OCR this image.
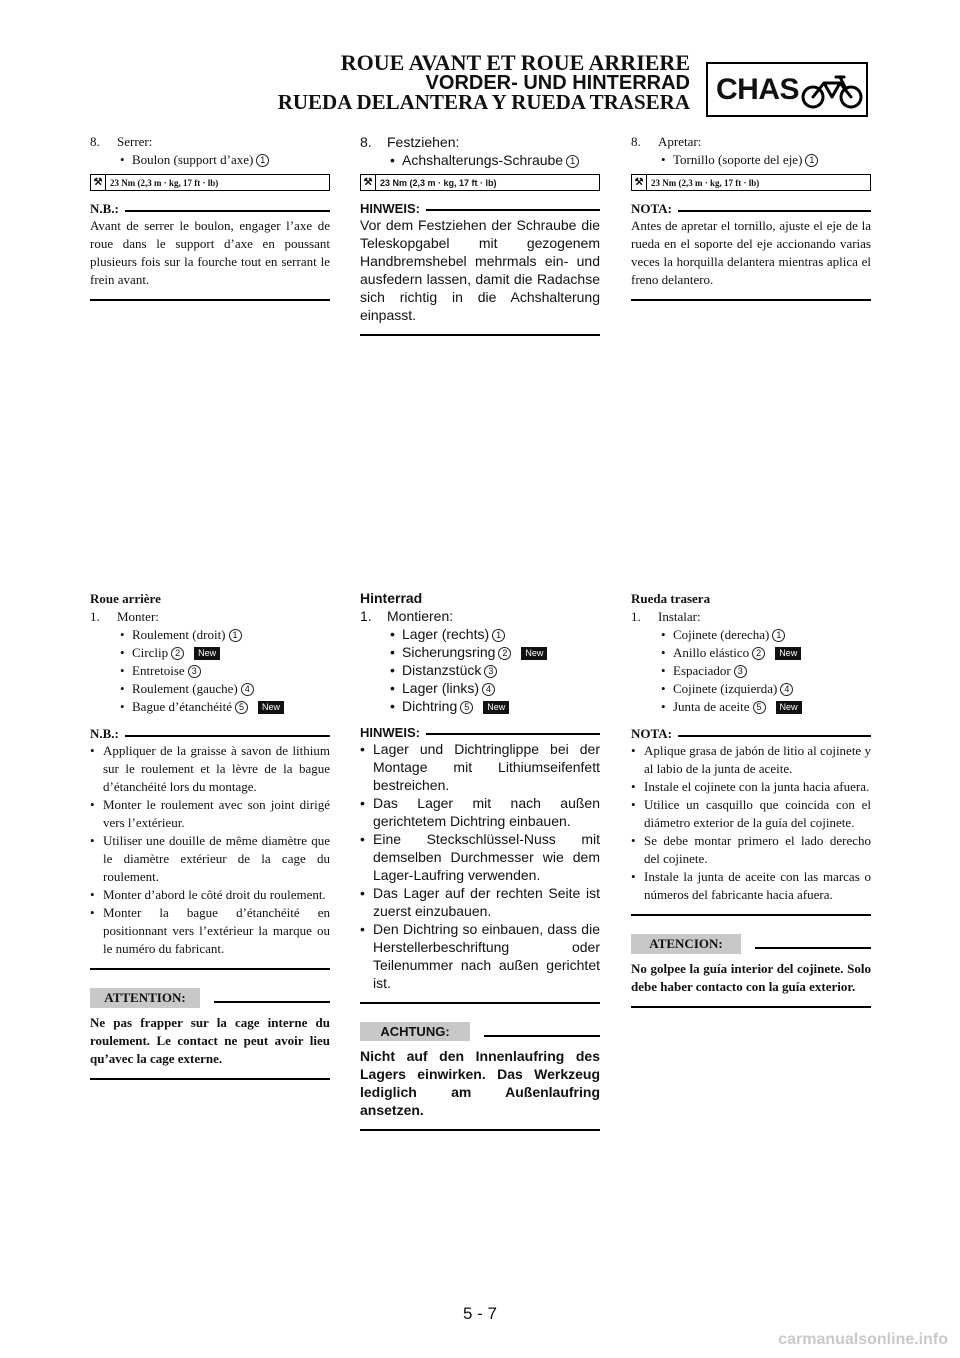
ROUE AVANT ET ROUE ARRIERE
VORDER- UND HINTERRAD
RUEDA DELANTERA Y RUEDA TRASERA CHAS
8. Serrer:
• Boulon (support d’axe) 1
⚒ 23 Nm (2,3 m · kg, 17 ft · lb)
N.B.:
Avant de serrer le boulon, engager l’axe de roue dans le support d’axe en poussant plusieurs fois sur la fourche tout en serrant le frein avant.
Roue arrière
1. Monter:
• Roulement (droit) 1
• Circlip 2 New
• Entretoise 3
• Roulement (gauche) 4
• Bague d’étanchéité 5 New
N.B.:
• Appliquer de la graisse à savon de lithium sur le roulement et la lèvre de la bague d’étanchéité lors du montage.
• Monter le roulement avec son joint dirigé vers l’extérieur.
• Utiliser une douille de même diamètre que le diamètre extérieur de la cage du roulement.
• Monter d’abord le côté droit du roulement.
• Monter la bague d’étanchéité en positionnant vers l’extérieur la marque ou le numéro du fabricant.
ATTENTION:
Ne pas frapper sur la cage interne du roulement. Le contact ne peut avoir lieu qu’avec la cage externe.
8. Festziehen:
• Achshalterungs-Schraube 1
⚒ 23 Nm (2,3 m · kg, 17 ft · lb)
HINWEIS:
Vor dem Festziehen der Schraube die Teleskopgabel mit gezogenem Handbremshebel mehrmals ein- und ausfedern lassen, damit die Radachse sich richtig in die Achshalterung einpasst.
Hinterrad
1. Montieren:
• Lager (rechts) 1
• Sicherungsring 2 New
• Distanzstück 3
• Lager (links) 4
• Dichtring 5 New
HINWEIS:
• Lager und Dichtringlippe bei der Montage mit Lithiumseifenfett bestreichen.
• Das Lager mit nach außen gerichtetem Dichtring einbauen.
• Eine Steckschlüssel-Nuss mit demselben Durchmesser wie dem Lager-Laufring verwenden.
• Das Lager auf der rechten Seite ist zuerst einzubauen.
• Den Dichtring so einbauen, dass die Herstellerbeschriftung oder Teilenummer nach außen gerichtet ist.
ACHTUNG:
Nicht auf den Innenlaufring des Lagers einwirken. Das Werkzeug lediglich am Außenlaufring ansetzen.
8. Apretar:
• Tornillo (soporte del eje) 1
⚒ 23 Nm (2,3 m · kg, 17 ft · lb)
NOTA:
Antes de apretar el tornillo, ajuste el eje de la rueda en el soporte del eje accionando varias veces la horquilla delantera mientras aplica el freno delantero.
Rueda trasera
1. Instalar:
• Cojinete (derecha) 1
• Anillo elástico 2 New
• Espaciador 3
• Cojinete (izquierda) 4
• Junta de aceite 5 New
NOTA:
• Aplique grasa de jabón de litio al cojinete y al labio de la junta de aceite.
• Instale el cojinete con la junta hacia afuera.
• Utilice un casquillo que coincida con el diámetro exterior de la guía del cojinete.
• Se debe montar primero el lado derecho del cojinete.
• Instale la junta de aceite con las marcas o números del fabricante hacia afuera.
ATENCION:
No golpee la guía interior del cojinete. Solo debe haber contacto con la guía exterior.
5 - 7
carmanualsonline.info
